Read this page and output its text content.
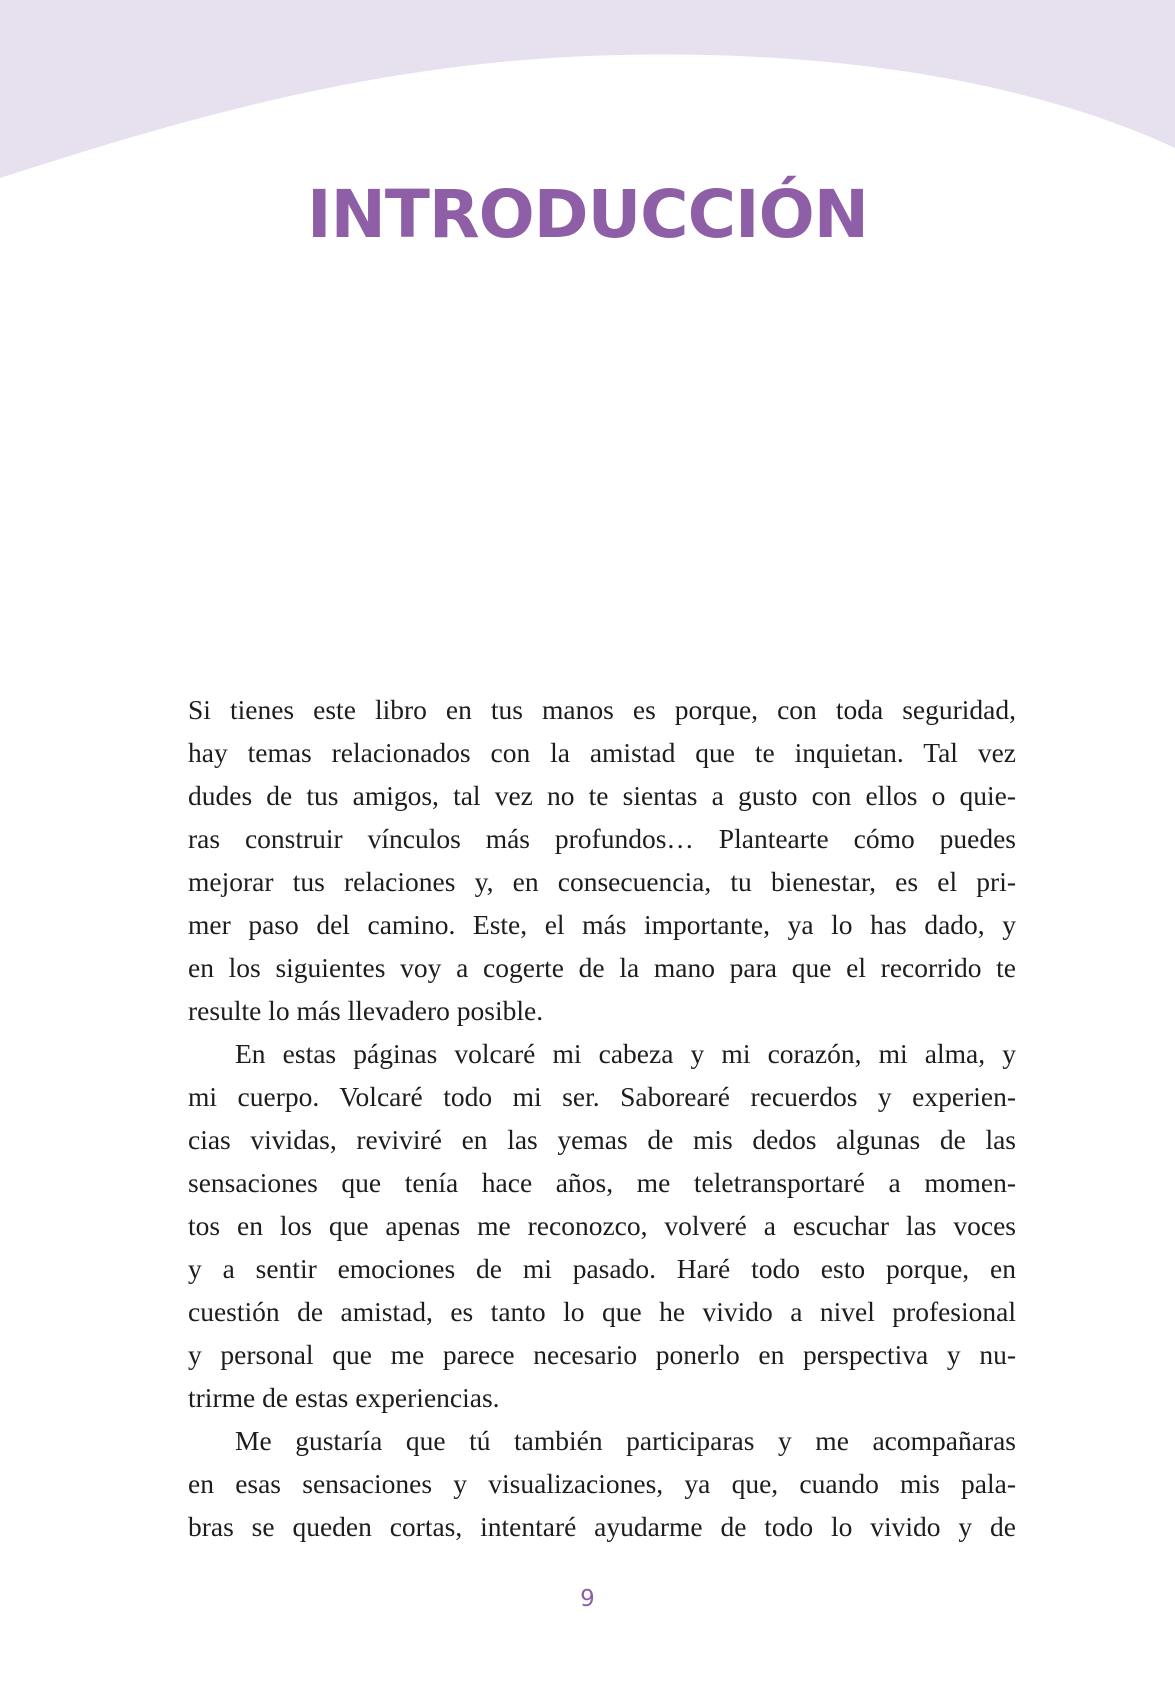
INTRODUCCIÓN

Si tienes este libro en tus manos es porque, con toda seguridad,
hay temas relacionados con la amistad que te inquietan. Tal vez
dudes de tus amigos, tal vez no te sientas a gusto con ellos o quie-
ras construir vínculos más profundos… Plantearte cómo puedes
mejorar tus relaciones y, en consecuencia, tu bienestar, es el pri-
mer paso del camino. Este, el más importante, ya lo has dado, y
en los siguientes voy a cogerte de la mano para que el recorrido te
resulte lo más llevadero posible.

En estas páginas volcaré mi cabeza y mi corazón, mi alma, y
mi cuerpo. Volcaré todo mi ser. Saborearé recuerdos y experien-
cias vividas, reviviré en las yemas de mis dedos algunas de las
sensaciones que tenía hace años, me teletransportaré a momen-
tos en los que apenas me reconozco, volveré a escuchar las voces
y a sentir emociones de mi pasado. Haré todo esto porque, en
cuestión de amistad, es tanto lo que he vivido a nivel profesional
y personal que me parece necesario ponerlo en perspectiva y nu-
trirme de estas experiencias.

Me gustaría que tú también participaras y me acompañaras
en esas sensaciones y visualizaciones, ya que, cuando mis pala-
bras se queden cortas, intentaré ayudarme de todo lo vivido y de

9
